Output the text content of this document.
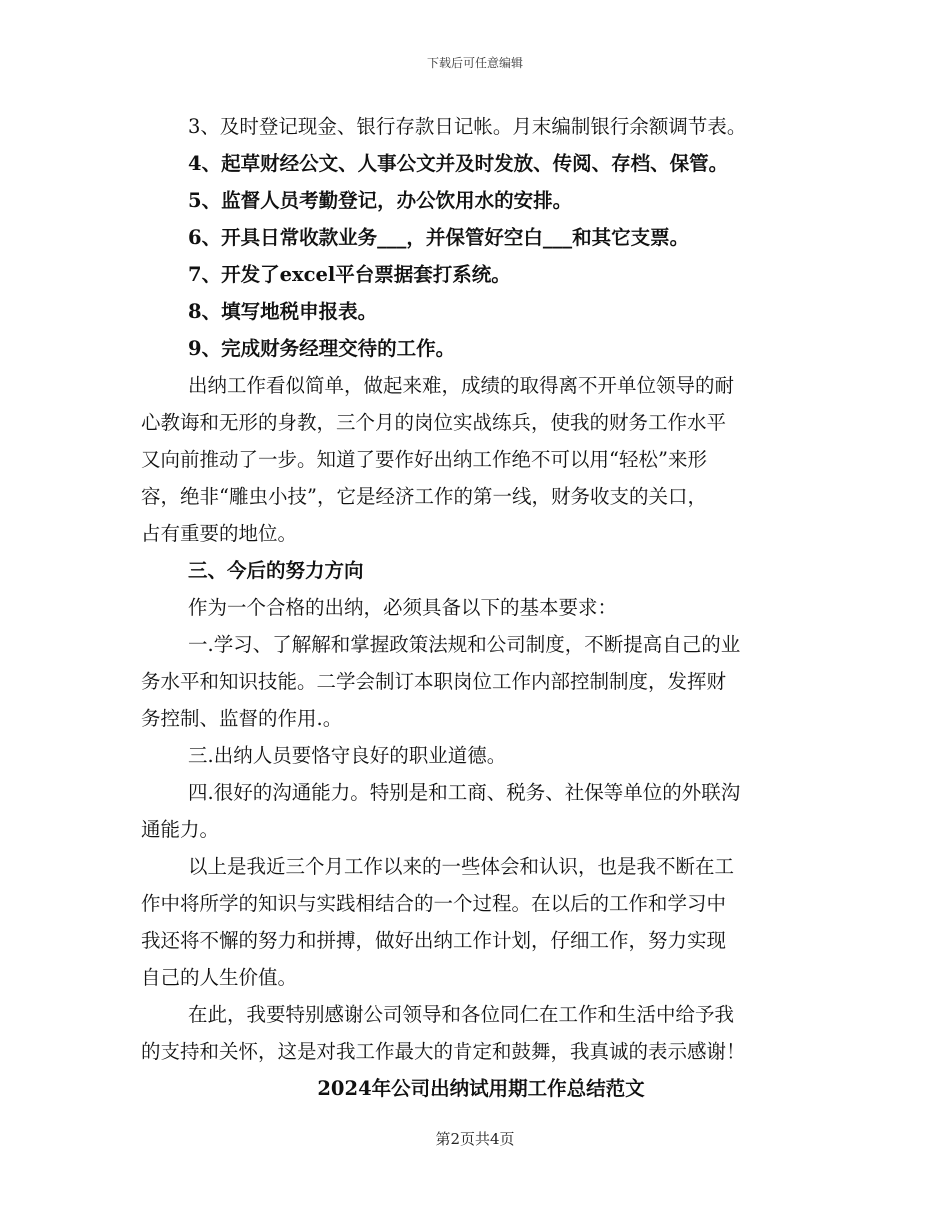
下载后可任意编辑

3、及时登记现金、银行存款日记帐。月末编制银行余额调节表。

4、起草财经公文、人事公文并及时发放、传阅、存档、保管。

5、监督人员考勤登记，办公饮用水的安排。

6、开具日常收款业务___，并保管好空白___和其它支票。

7、开发了excel平台票据套打系统。

8、填写地税申报表。

9、完成财务经理交待的工作。

出纳工作看似简单，做起来难，成绩的取得离不开单位领导的耐

心教诲和无形的身教，三个月的岗位实战练兵，使我的财务工作水平

又向前推动了一步。知道了要作好出纳工作绝不可以用“轻松”来形

容，绝非“雕虫小技”，它是经济工作的第一线，财务收支的关口，

占有重要的地位。

三、今后的努力方向

作为一个合格的出纳，必须具备以下的基本要求：

一.学习、了解解和掌握政策法规和公司制度，不断提高自己的业

务水平和知识技能。二学会制订本职岗位工作内部控制制度，发挥财

务控制、监督的作用.。

三.出纳人员要恪守良好的职业道德。

四.很好的沟通能力。特别是和工商、税务、社保等单位的外联沟

通能力。

以上是我近三个月工作以来的一些体会和认识，也是我不断在工

作中将所学的知识与实践相结合的一个过程。在以后的工作和学习中

我还将不懈的努力和拼搏，做好出纳工作计划，仔细工作，努力实现

自己的人生价值。

在此，我要特别感谢公司领导和各位同仁在工作和生活中给予我

的支持和关怀，这是对我工作最大的肯定和鼓舞，我真诚的表示感谢！

2024年公司出纳试用期工作总结范文

第2页共4页
